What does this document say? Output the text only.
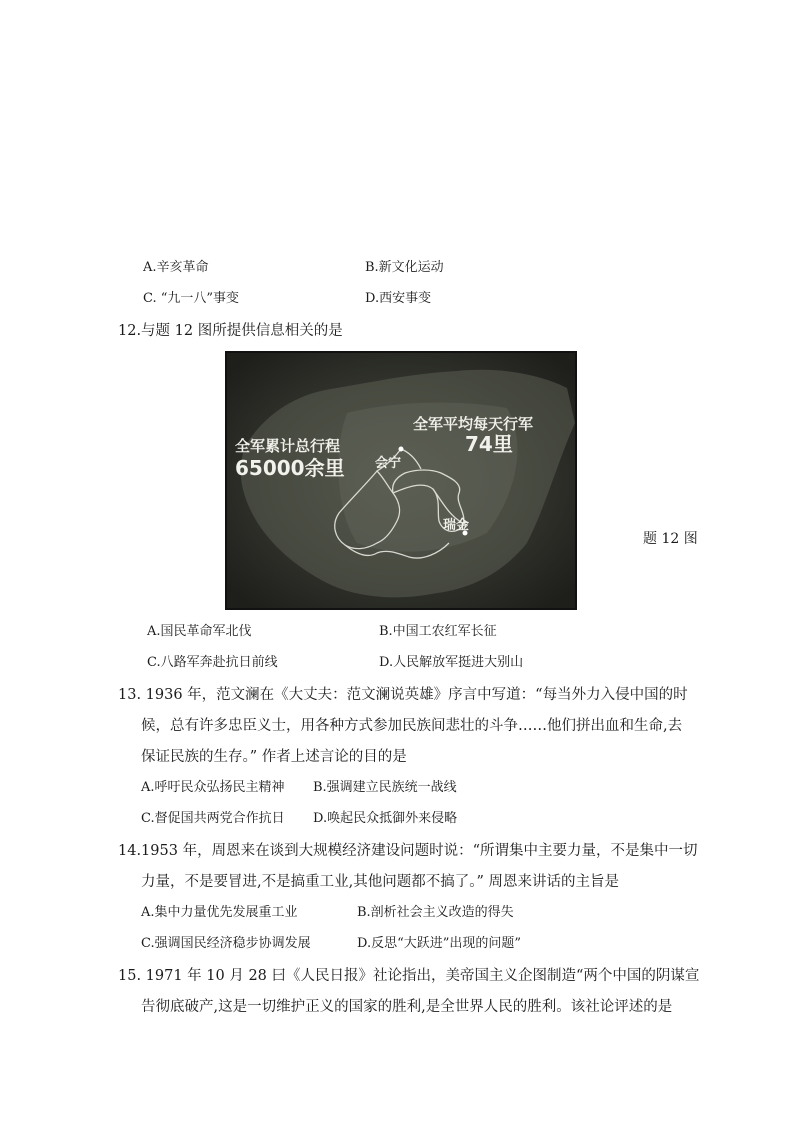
A.辛亥革命	B.新文化运动
C. “九一八”事变	D.西安事变
12.与题 12 图所提供信息相关的是
全军累计总行程
65000余里
全军平均每天行军
74里
会宁
瑞金
题 12 图
A.国民革命军北伐	B.中国工农红军长征
C.八路军奔赴抗日前线	D.人民解放军挺进大别山
13. 1936 年，范文澜在《大丈夫：范文澜说英雄》序言中写道：“每当外力入侵中国的时
候，总有许多忠臣义士，用各种方式参加民族间悲壮的斗争……他们拼出血和生命,去
保证民族的生存。” 作者上述言论的目的是
A.呼吁民众弘扬民主精神 B.强调建立民族统一战线
C.督促国共两党合作抗日 D.唤起民众抵御外来侵略
14.1953 年，周恩来在谈到大规模经济建设问题时说：“所谓集中主要力量，不是集中一切
力量，不是要冒进,不是搞重工业,其他问题都不搞了。” 周恩来讲话的主旨是
A.集中力量优先发展重工业	B.剖析社会主义改造的得失
C.强调国民经济稳步协调发展	D.反思“大跃进”出现的问题”
15. 1971 年 10 月 28 曰《人民日报》社论指出，美帝国主义企图制造“两个中国的阴谋宣
告彻底破产,这是一切维护正义的国家的胜利,是全世界人民的胜利。该社论评述的是
